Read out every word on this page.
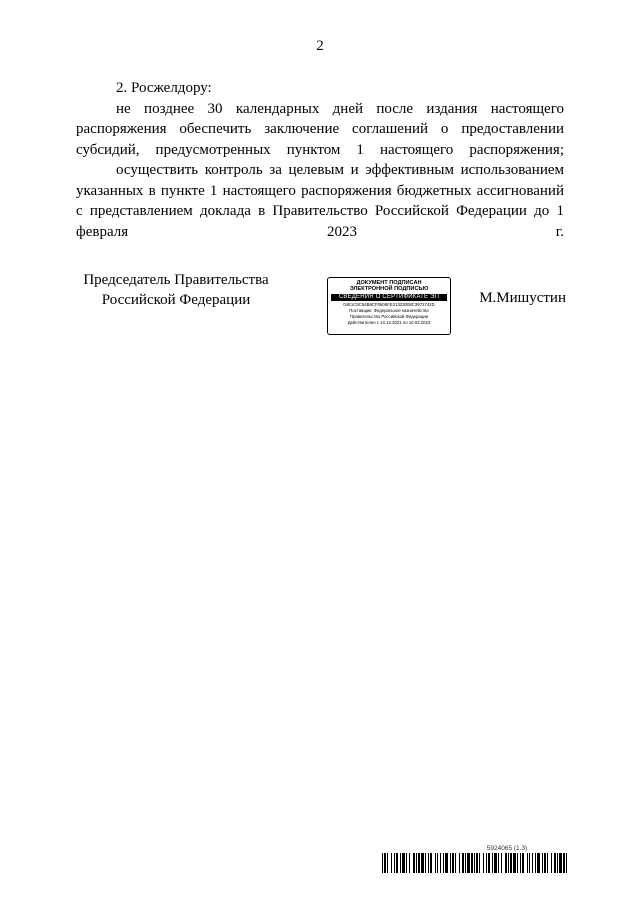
2

2. Росжелдору:

не позднее 30 календарных дней после издания настоящего распоряжения обеспечить заключение соглашений о предоставлении субсидий, предусмотренных пунктом 1 настоящего распоряжения;

осуществить контроль за целевым и эффективным использованием указанных в пункте 1 настоящего распоряжения бюджетных ассигнований с представлением доклада в Правительство Российской Федерации до 1 февраля 2023 г.

Председатель Правительства
Российской Федерации
ДОКУМЕНТ ПОДПИСАН
ЭЛЕКТРОННОЙ ПОДПИСЬЮ
СВЕДЕНИЯ О СЕРТИФИКАТЕ ЭП
04E1C8C54B8CF0606FE21323008C3972742D
Поставщик: Федеральное казначейство
Правительство Российской Федерации
Действителен с 10.12.2021 по 10.03.2023
М.Мишустин
5924065 (1.3)
